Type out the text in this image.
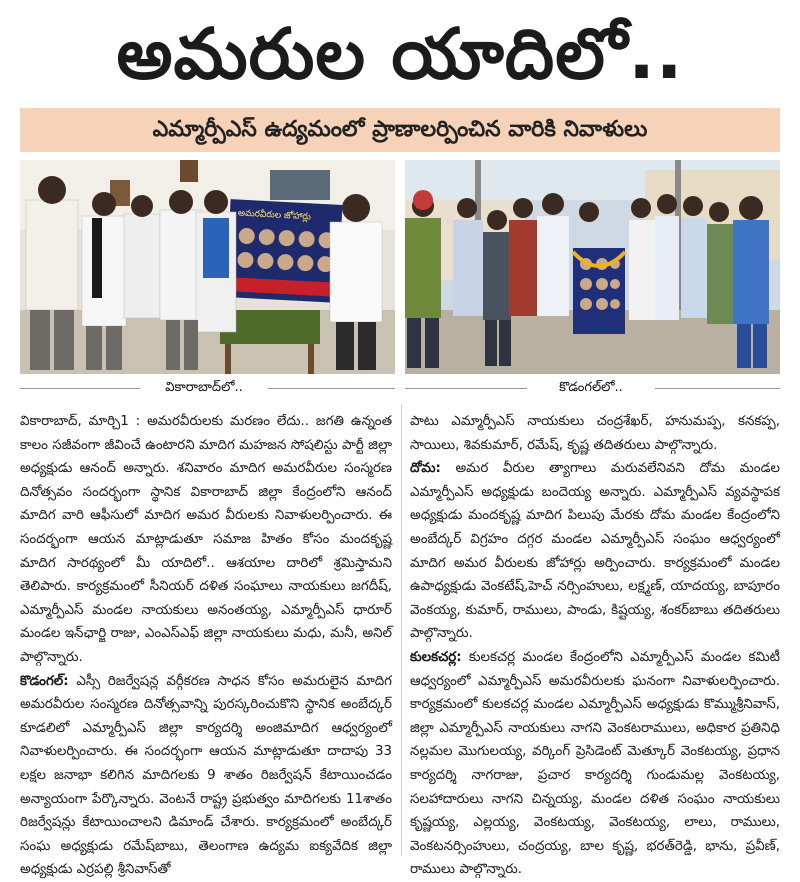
అమరుల యాదిలో..
ఎమ్మార్పీఎస్ ఉద్యమంలో ప్రాణాలర్పించిన వారికి నివాళులు
అమరవీరుల జోహార్లు
వికారాబాద్‌లో..	కొడంగల్‌లో..

వికారాబాద్, మార్చి1 : అమరవీరులకు మరణం లేదు.. జగతి ఉన్నంత కాలం సజీవంగా జీవించే ఉంటారని మాదిగ మహజన సోషలిస్టు పార్టీ జిల్లా అధ్యక్షుడు ఆనంద్ అన్నారు. శనివారం మాదిగ అమరవీరుల సంస్మరణ దినోత్సవం సందర్భంగా స్థానిక వికారాబాద్ జిల్లా కేంద్రంలోని ఆనంద్ మాదిగ వారి ఆఫీసులో మాదిగ అమర వీరులకు నివాళులర్పించారు. ఈ సందర్భంగా ఆయన మాట్లాడుతూ సమాజ హితం కోసం మందకృష్ణ మాదిగ సారథ్యంలో మీ యాదిలో.. ఆశయాల దారిలో శ్రమిస్తామని తెలిపారు. కార్యక్రమంలో సీనియర్ దళిత సంఘాలు నాయకులు జగదీష్, ఎమ్మార్పీఎస్ మండల నాయకులు అనంతయ్య, ఎమ్మార్పీఎస్ ధారూర్ మండల ఇన్‌ఛార్జి రాజు, ఎంఎస్ఎఫ్ జిల్లా నాయకులు మధు, మనీ, అనిల్ పాల్గొన్నారు.

కొడంగల్: ఎస్సీ రిజర్వేషన్ల వర్గీకరణ సాధన కోసం అమరులైన మాదిగ అమరవీరుల సంస్మరణ దినోత్సవాన్ని పురస్కరించుకొని స్థానిక అంబేద్కర్ కూడలిలో ఎమ్మార్పీఎస్ జిల్లా కార్యదర్శి అంజిమాదిగ ఆధ్వర్యంలో నివాళులర్పించారు. ఈ సందర్భంగా ఆయన మాట్లాడుతూ దాదాపు 33 లక్షల జనాభా కలిగిన మాదిగలకు 9 శాతం రిజర్వేషన్ కేటాయించడం అన్యాయంగా పేర్కొన్నారు. వెంటనే రాష్ట్ర ప్రభుత్వం మాదిగలకు 11శాతం రిజర్వేషన్లు కేటాయించాలని డిమాండ్ చేశారు. కార్యక్రమంలో అంబేద్కర్ సంఘ అధ్యక్షుడు రమేష్‌బాబు, తెలంగాణ ఉద్యమ ఐక్యవేదిక జిల్లా అధ్యక్షుడు ఎర్రపల్లి శ్రీనివాస్‌తో

పాటు ఎమ్మార్పీఎస్ నాయకులు చంద్రశేఖర్, హనుమప్ప, కనకప్ప, సాయిలు, శివకుమార్, రమేష్, కృష్ణ తదితరులు పాల్గొన్నారు.

దోమ: అమర వీరుల త్యాగాలు మరువలేనివని దోమ మండల ఎమ్మార్పీఎస్ అధ్యక్షుడు బందెయ్య అన్నారు. ఎమ్మార్పీఎస్ వ్యవస్థాపక అధ్యక్షుడు మందకృష్ణ మాదిగ పిలుపు మేరకు దోమ మండల కేంద్రంలోని అంబేద్కర్ విగ్రహం దగ్గర మండల ఎమ్మార్పీఎస్ సంఘం ఆధ్వర్యంలో మాదిగ అమర వీరులకు జోహార్లు అర్పించారు. కార్యక్రమంలో మండల ఉపాధ్యక్షుడు వెంకటేష్,హెచ్ నర్సింహులు, లక్ష్మణ్, యాదయ్య, బాపూరం వెంకయ్య, కుమార్, రాములు, పాండు, కిష్టయ్య, శంకర్‌బాబు తదితరులు పాల్గొన్నారు.

కులకచర్ల: కులకచర్ల మండల కేంద్రంలోని ఎమ్మార్పీఎస్ మండల కమిటీ ఆధ్వర్యంలో ఎమ్మార్పీఎస్ అమరవీరులకు ఘనంగా నివాళులర్పించారు. కార్యక్రమంలో కులకచర్ల మండల ఎమ్మార్పీఎస్ అధ్యక్షుడు కొమ్ముశ్రీనివాస్, జిల్లా ఎమ్మార్పీఎస్ నాయకులు నాగని వెంకటరాములు, అధికార ప్రతినిధి నల్లమల మొగులయ్య, వర్కింగ్ ప్రెసిడెంట్ మెత్కూర్ వెంకటయ్య, ప్రధాన కార్యదర్శి నాగరాజు, ప్రచార కార్యదర్శి గుండుమల్ల వెంకటయ్య, సలహాదారులు నాగని చిన్నయ్య, మండల దళిత సంఘం నాయకులు కృష్ణయ్య, ఎల్లయ్య, వెంకటయ్య, వెంకటయ్య, లాలు, రాములు, వెంకటనర్సింహులు, చంద్రయ్య, బాల కృష్ణ, భరత్‌రెడ్డి, భాను, ప్రవీణ్, రాములు పాల్గొన్నారు.
